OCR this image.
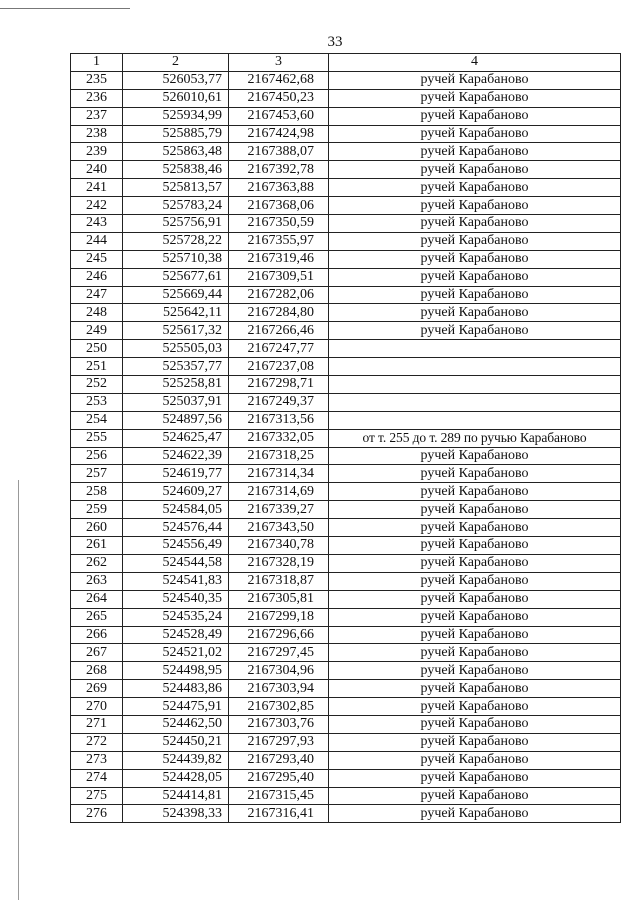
33
1	2	3	4
235	526053,77	2167462,68	ручей Карабаново
236	526010,61	2167450,23	ручей Карабаново
237	525934,99	2167453,60	ручей Карабаново
238	525885,79	2167424,98	ручей Карабаново
239	525863,48	2167388,07	ручей Карабаново
240	525838,46	2167392,78	ручей Карабаново
241	525813,57	2167363,88	ручей Карабаново
242	525783,24	2167368,06	ручей Карабаново
243	525756,91	2167350,59	ручей Карабаново
244	525728,22	2167355,97	ручей Карабаново
245	525710,38	2167319,46	ручей Карабаново
246	525677,61	2167309,51	ручей Карабаново
247	525669,44	2167282,06	ручей Карабаново
248	525642,11	2167284,80	ручей Карабаново
249	525617,32	2167266,46	ручей Карабаново
250	525505,03	2167247,77	
251	525357,77	2167237,08	
252	525258,81	2167298,71	
253	525037,91	2167249,37	
254	524897,56	2167313,56	
255	524625,47	2167332,05	от т. 255 до т. 289 по ручью Карабаново
256	524622,39	2167318,25	ручей Карабаново
257	524619,77	2167314,34	ручей Карабаново
258	524609,27	2167314,69	ручей Карабаново
259	524584,05	2167339,27	ручей Карабаново
260	524576,44	2167343,50	ручей Карабаново
261	524556,49	2167340,78	ручей Карабаново
262	524544,58	2167328,19	ручей Карабаново
263	524541,83	2167318,87	ручей Карабаново
264	524540,35	2167305,81	ручей Карабаново
265	524535,24	2167299,18	ручей Карабаново
266	524528,49	2167296,66	ручей Карабаново
267	524521,02	2167297,45	ручей Карабаново
268	524498,95	2167304,96	ручей Карабаново
269	524483,86	2167303,94	ручей Карабаново
270	524475,91	2167302,85	ручей Карабаново
271	524462,50	2167303,76	ручей Карабаново
272	524450,21	2167297,93	ручей Карабаново
273	524439,82	2167293,40	ручей Карабаново
274	524428,05	2167295,40	ручей Карабаново
275	524414,81	2167315,45	ручей Карабаново
276	524398,33	2167316,41	ручей Карабаново
